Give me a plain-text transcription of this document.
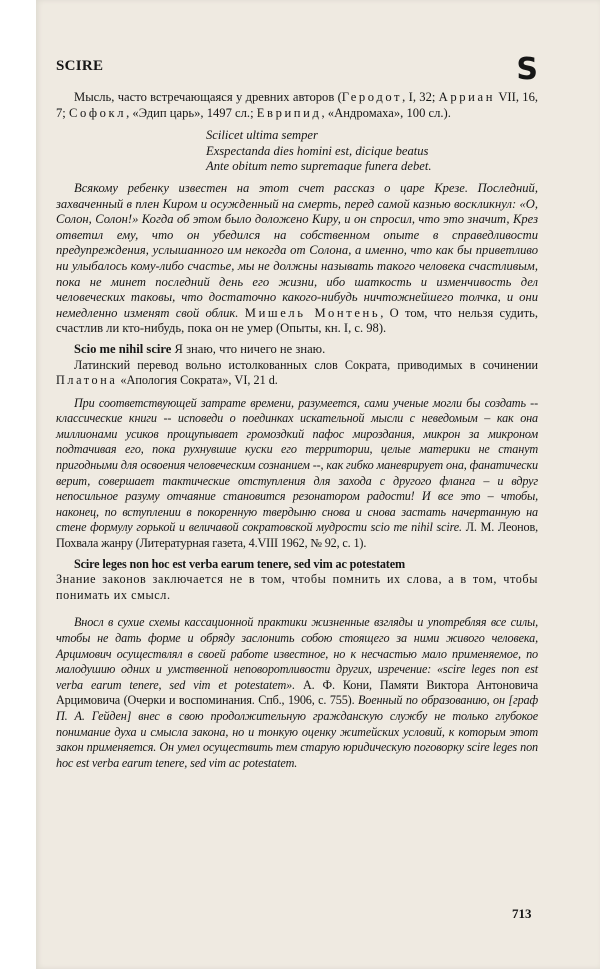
SCIRE	S

Мысль, часто встречающаяся у древних авторов (Геродот, I, 32; Арриан VII, 16, 7; Софокл, «Эдип царь», 1497 сл.; Еврипид, «Андромаха», 100 сл.).

Scilicet ultima semper
Exspectanda dies homini est, dicique beatus
Ante obitum nemo supremaque funera debet.

Всякому ребенку известен на этот счет рассказ о царе Крезе. Последний, захваченный в плен Киром и осужденный на смерть, перед самой казнью воскликнул: «О, Солон, Солон!» Когда об этом было доложено Киру, и он спросил, что это значит, Крез ответил ему, что он убедился на собственном опыте в справедливости предупреждения, услышанного им некогда от Солона, а именно, что как бы приветливо ни улыбалось кому-либо счастье, мы не должны называть такого человека счастливым, пока не минет последний день его жизни, ибо шаткость и изменчивость дел человеческих таковы, что достаточно какого-нибудь ничтожнейшего толчка, и они немедленно изменят свой облик. Мишель Монтень, О том, что нельзя судить, счастлив ли кто-нибудь, пока он не умер (Опыты, кн. I, с. 98).

Scio me nihil scire Я знаю, что ничего не знаю.

Латинский перевод вольно истолкованных слов Сократа, приводимых в сочинении Платона «Апология Сократа», VI, 21 d.

При соответствующей затрате времени, разумеется, сами ученые могли бы создать -- классические книги -- исповеди о поединках искательной мысли с неведомым – как она миллионами усиков прощупывает громоздкий пафос мироздания, микрон за микроном подтачивая его, пока рухнувшие куски его территории, целые материки не станут пригодными для освоения человеческим сознанием --, как гибко маневрирует она, фанатически верит, совершает тактические отступления для захода с другого фланга – и вдруг непосильное разуму отчаяние становится резонатором радости! И все это – чтобы, наконец, по вступлении в покоренную твердыню снова и снова застать начертанную на стене формулу горькой и величавой сократовской мудрости scio me nihil scire. Л. М. Леонов, Похвала жанру (Литературная газета, 4.VIII 1962, № 92, с. 1).

Scire leges non hoc est verba earum tenere, sed vim ac potestatem

Знание законов заключается не в том, чтобы помнить их слова, а в том, чтобы понимать их смысл.

Вносл в сухие схемы кассационной практики жизненные взгляды и употребляя все силы, чтобы не дать форме и обряду заслонить собою стоящего за ними живого человека, Арцимович осуществлял в своей работе известное, но к несчастью мало применяемое, по малодушию одних и умственной неповоротливости других, изречение: «scire leges non est verba earum tenere, sed vim et potestatem». А. Ф. Кони, Памяти Виктора Антоновича Арцимовича (Очерки и воспоминания. Спб., 1906, с. 755). Военный по образованию, он [граф П. А. Гейден] внес в свою продолжительную гражданскую службу не только глубокое понимание духа и смысла закона, но и тонкую оценку житейских условий, к которым этот закон применяется. Он умел осуществить тем старую юридическую поговорку scire leges non hoc est verba earum tenere, sed vim ac potestatem.

713
